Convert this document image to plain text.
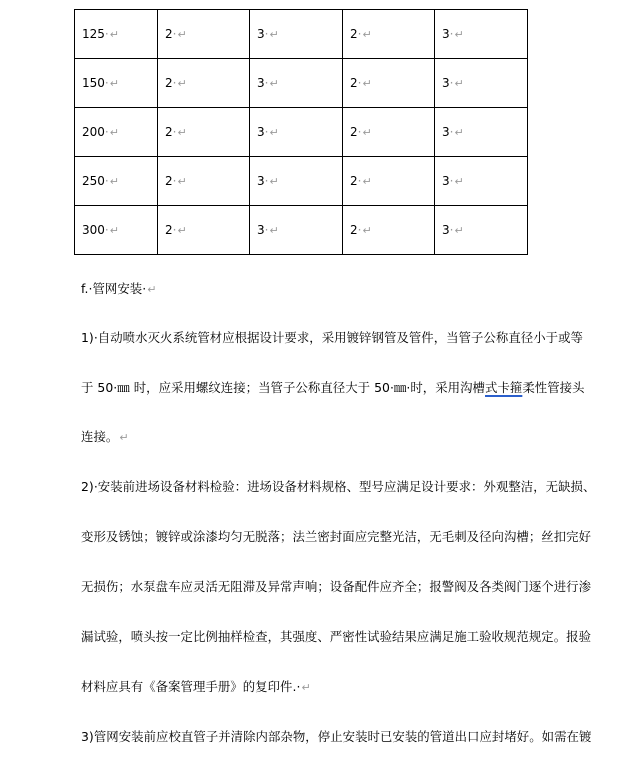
125·↵	2·↵	3·↵	2·↵	3·↵
150·↵	2·↵	3·↵	2·↵	3·↵
200·↵	2·↵	3·↵	2·↵	3·↵
250·↵	2·↵	3·↵	2·↵	3·↵
300·↵	2·↵	3·↵	2·↵	3·↵
f.·管网安装·↵
1)·自动喷水灭火系统管材应根据设计要求，采用镀锌钢管及管件，当管子公称直径小于或等
于 50·㎜ 时，应采用螺纹连接；当管子公称直径大于 50·㎜·时，采用沟槽式卡箍柔性管接头
连接。↵
2)·安装前进场设备材料检验：进场设备材料规格、型号应满足设计要求：外观整洁，无缺损、
变形及锈蚀；镀锌或涂漆均匀无脱落；法兰密封面应完整光洁，无毛刺及径向沟槽；丝扣完好
无损伤；水泵盘车应灵活无阻滞及异常声响；设备配件应齐全；报警阀及各类阀门逐个进行渗
漏试验，喷头按一定比例抽样检查，其强度、严密性试验结果应满足施工验收规范规定。报验
材料应具有《备案管理手册》的复印件.·↵
3)管网安装前应校直管子并清除内部杂物，停止安装时已安装的管道出口应封堵好。如需在镀
